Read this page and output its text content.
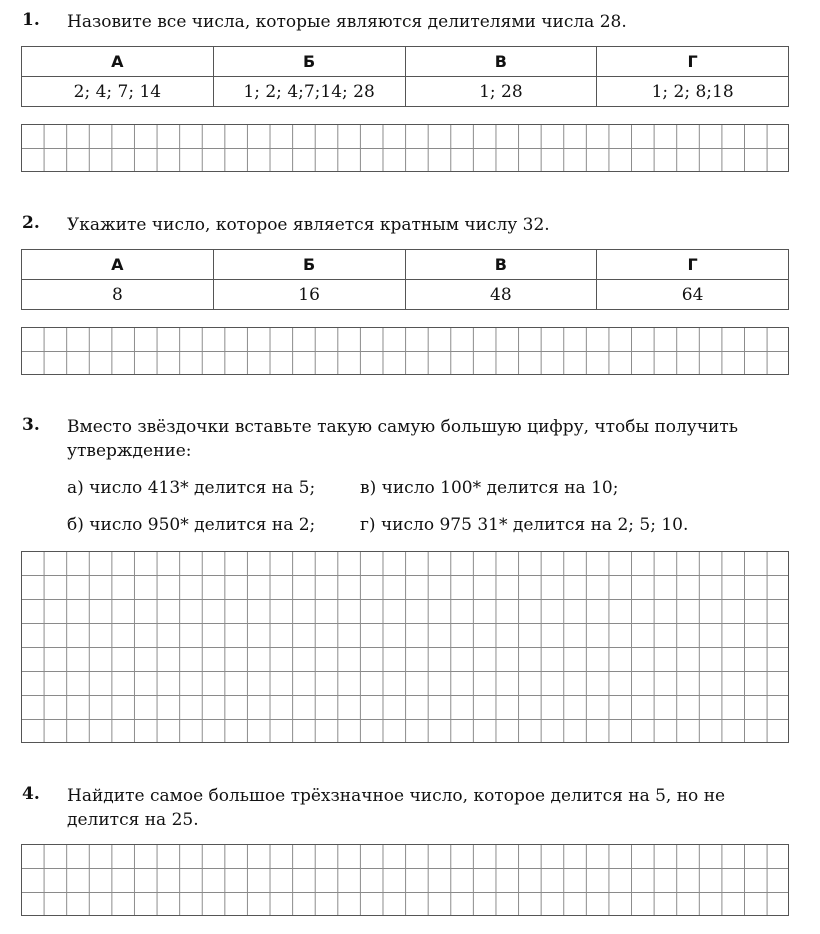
1. Назовите все числа, которые являются делителями числа 28.
А	Б	В	Г
2; 4; 7; 14	1; 2; 4;7;14; 28	1; 28	1; 2; 8;18
2. Укажите число, которое является кратным числу 32.
А	Б	В	Г
8	16	48	64
3. Вместо звёздочки вставьте такую самую большую цифру, чтобы получить утверждение:
а) число 413* делится на 5;	в) число 100* делится на 10;
б) число 950* делится на 2;	г) число 975 31* делится на 2; 5; 10.
4. Найдите самое большое трёхзначное число, которое делится на 5, но не делится на 25.
